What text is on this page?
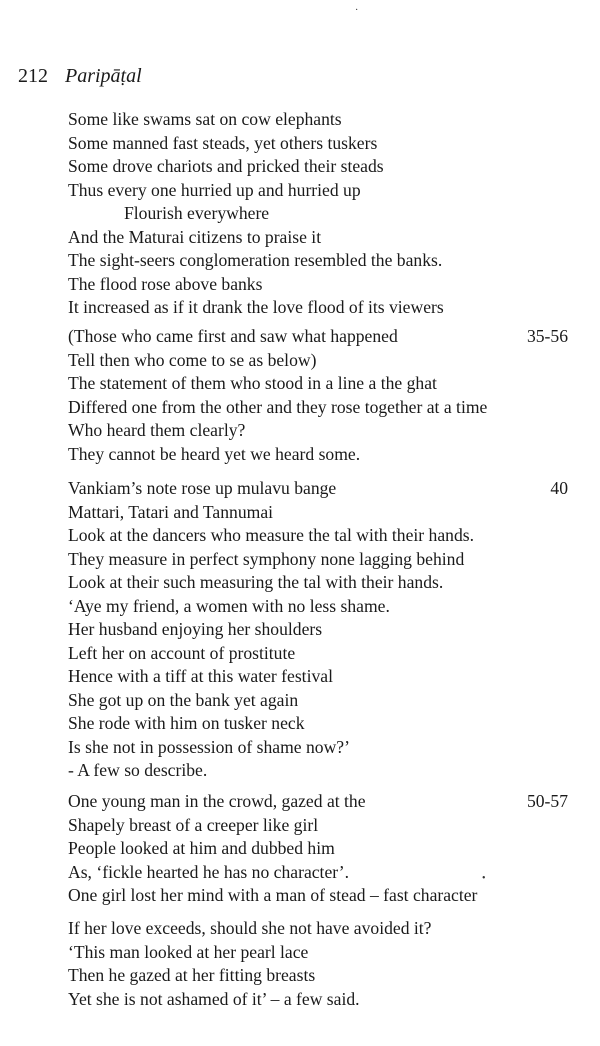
·
212 Paripāṭal
Some like swams sat on cow elephants
Some manned fast steads, yet others tuskers
Some drove chariots and pricked their steads
Thus every one hurried up and hurried up
Flourish everywhere
And the Maturai citizens to praise it
The sight-seers conglomeration resembled the banks.
The flood rose above banks
It increased as if it drank the love flood of its viewers
(Those who came first and saw what happened	35-56
Tell then who come to se as below)
The statement of them who stood in a line a the ghat
Differed one from the other and they rose together at a time
Who heard them clearly?
They cannot be heard yet we heard some.
Vankiam’s note rose up mulavu bange	40
Mattari, Tatari and Tannumai
Look at the dancers who measure the tal with their hands.
They measure in perfect symphony none lagging behind
Look at their such measuring the tal with their hands.
‘Aye my friend, a women with no less shame.
Her husband enjoying her shoulders
Left her on account of prostitute
Hence with a tiff at this water festival
She got up on the bank yet again
She rode with him on tusker neck
Is she not in possession of shame now?’
- A few so describe.
One young man in the crowd, gazed at the	50-57
Shapely breast of a creeper like girl
People looked at him and dubbed him
As, ‘fickle hearted he has no character’.
One girl lost her mind with a man of stead – fast character
If her love exceeds, should she not have avoided it?
‘This man looked at her pearl lace
Then he gazed at her fitting breasts
Yet she is not ashamed of it’ – a few said.
•
